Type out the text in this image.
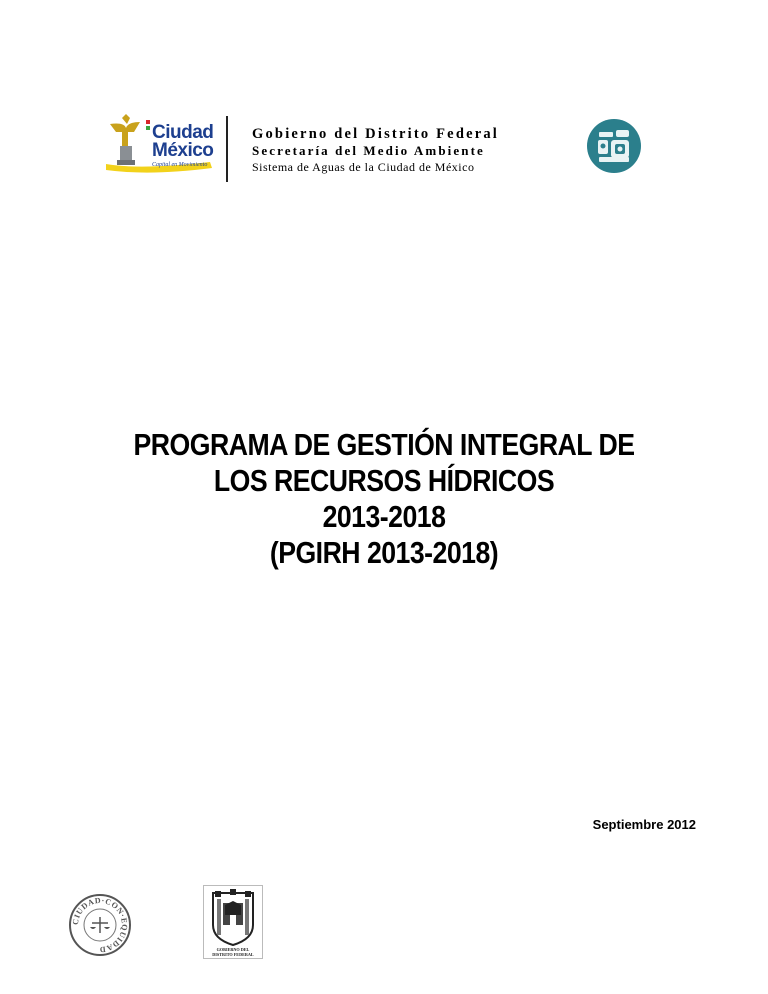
Ciudad
México
Capital en Movimiento
Gobierno del Distrito Federal
Secretaría del Medio Ambiente
Sistema de Aguas de la Ciudad de México
PROGRAMA DE GESTIÓN INTEGRAL DE
LOS RECURSOS HÍDRICOS
2013-2018
(PGIRH 2013-2018)
Septiembre 2012
CIUDAD·CON·EQUIDAD	GOBIERNO DEL
DISTRITO FEDERAL
